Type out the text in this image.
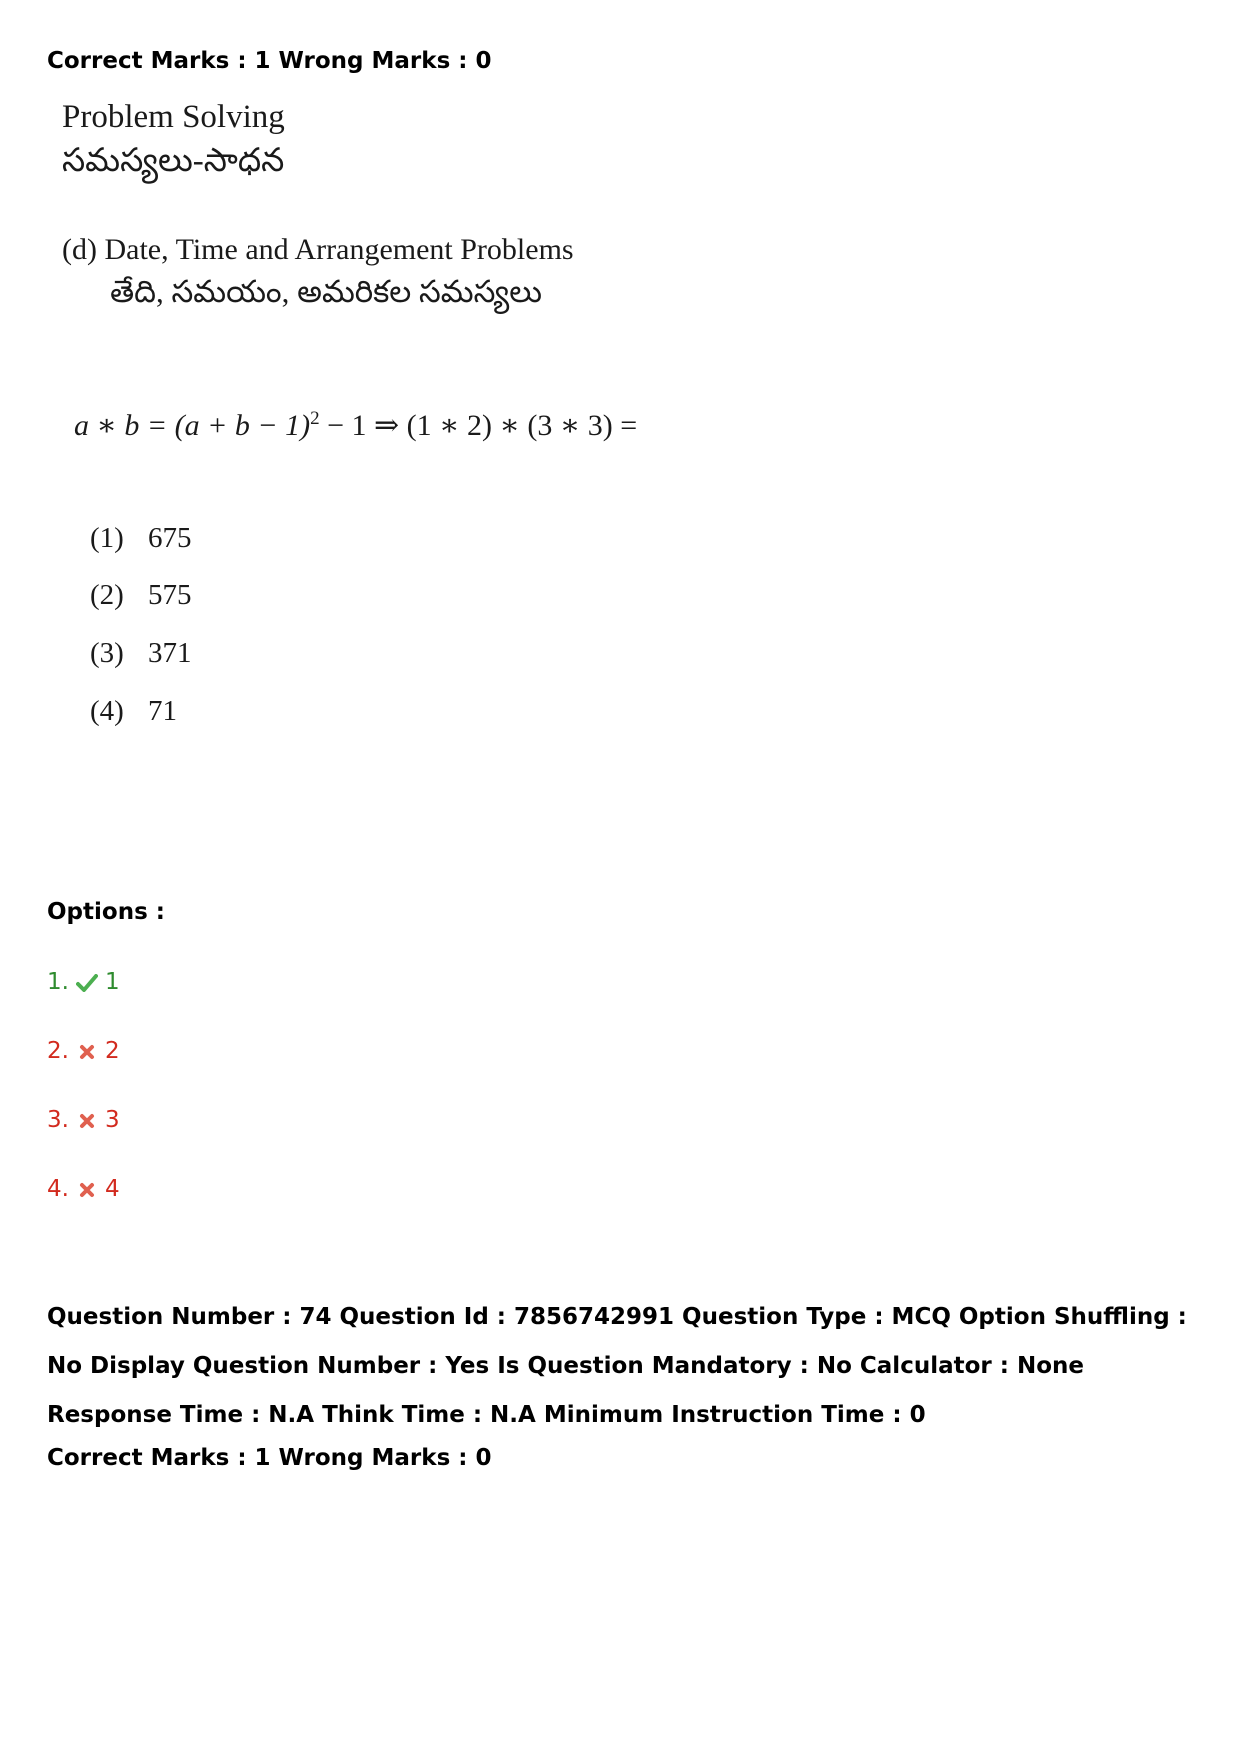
Correct Marks : 1 Wrong Marks : 0
Problem Solving
సమస్యలు-సాధన
(d) Date, Time and Arrangement Problems
తేది, సమయం, అమరికల సమస్యలు
a ∗ $b = (a + b - 1)^2 - 1$ ⇒ (1 ∗ 2) ∗ (3 ∗ 3) =
(1) 675
(2) 575
(3) 371
(4) 71
Options :
1. 1
2. 2
3. 3
4. 4
Question Number : 74 Question Id : 7856742991 Question Type : MCQ Option Shuffling : No Display Question Number : Yes Is Question Mandatory : No Calculator : None Response Time : N.A Think Time : N.A Minimum Instruction Time : 0
Correct Marks : 1 Wrong Marks : 0
